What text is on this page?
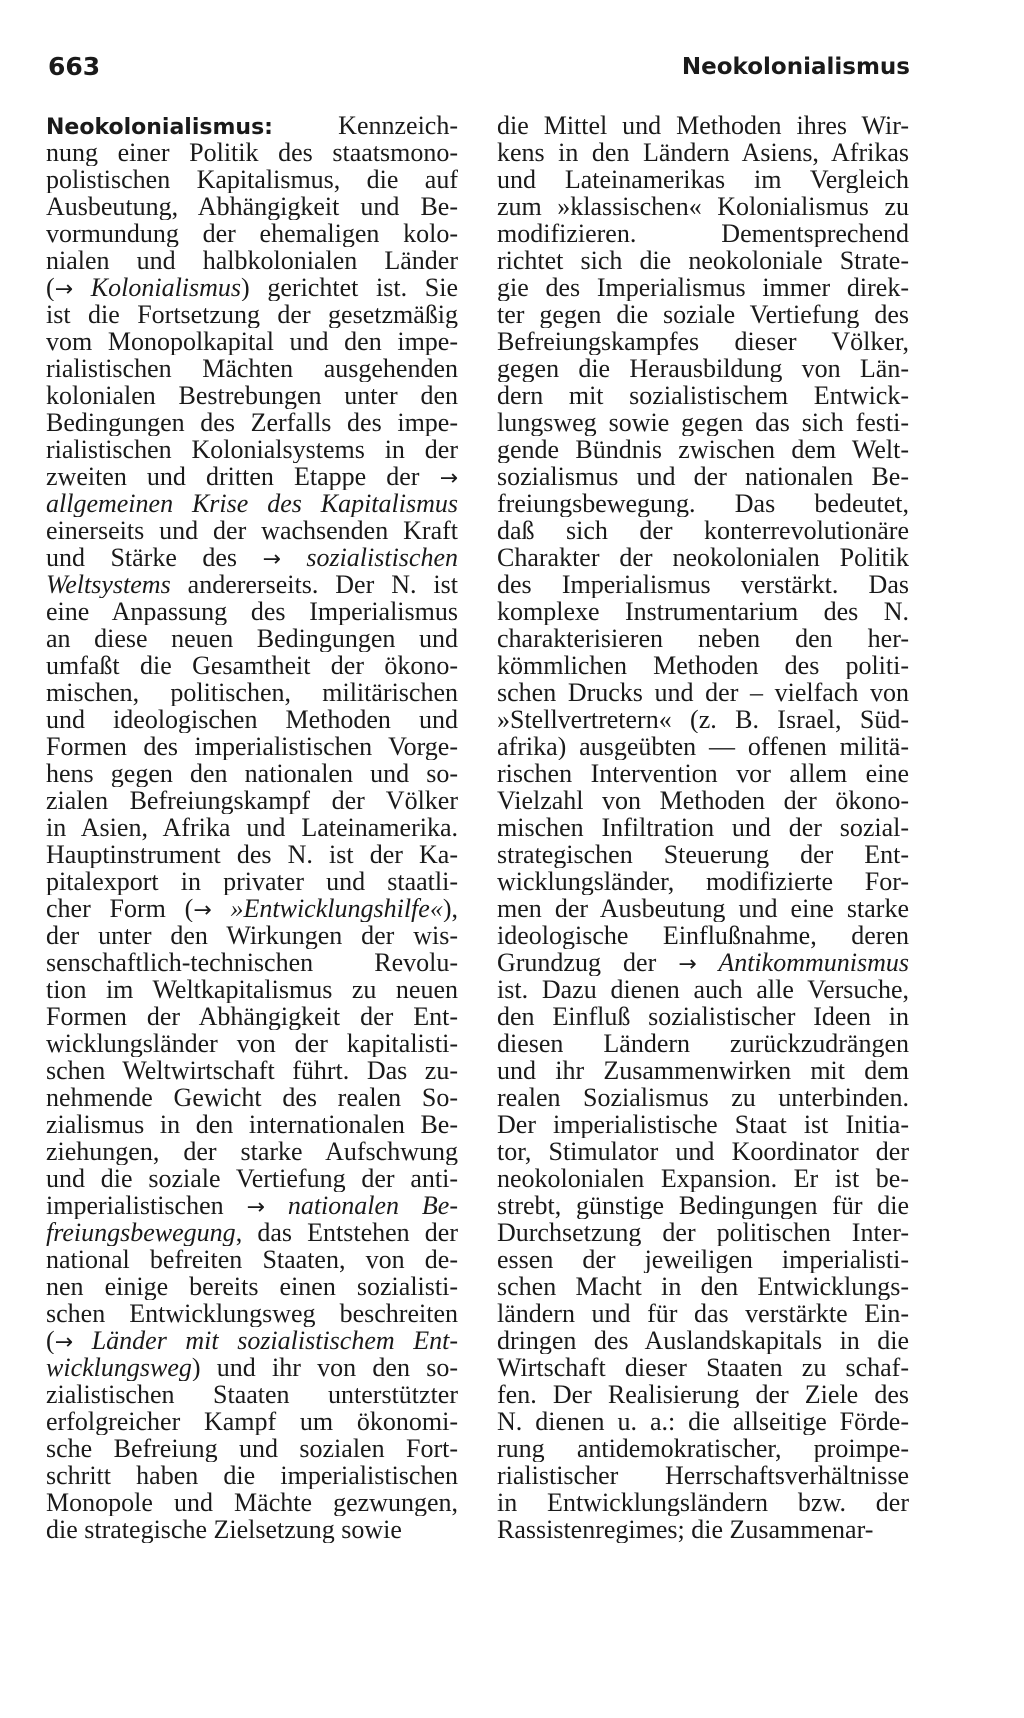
663	Neokolonialismus
Neokolonialismus: Kennzeich-
nung einer Politik des staatsmono-
polistischen Kapitalismus, die auf
Ausbeutung, Abhängigkeit und Be-
vormundung der ehemaligen kolo-
nialen und halbkolonialen Länder
(→ Kolonialismus) gerichtet ist. Sie
ist die Fortsetzung der gesetzmäßig
vom Monopolkapital und den impe-
rialistischen Mächten ausgehenden
kolonialen Bestrebungen unter den
Bedingungen des Zerfalls des impe-
rialistischen Kolonialsystems in der
zweiten und dritten Etappe der →
allgemeinen Krise des Kapitalismus
einerseits und der wachsenden Kraft
und Stärke des → sozialistischen
Weltsystems andererseits. Der N. ist
eine Anpassung des Imperialismus
an diese neuen Bedingungen und
umfaßt die Gesamtheit der ökono-
mischen, politischen, militärischen
und ideologischen Methoden und
Formen des imperialistischen Vorge-
hens gegen den nationalen und so-
zialen Befreiungskampf der Völker
in Asien, Afrika und Lateinamerika.
Hauptinstrument des N. ist der Ka-
pitalexport in privater und staatli-
cher Form (→ »Entwicklungshilfe«),
der unter den Wirkungen der wis-
senschaftlich-technischen Revolu-
tion im Weltkapitalismus zu neuen
Formen der Abhängigkeit der Ent-
wicklungsländer von der kapitalisti-
schen Weltwirtschaft führt. Das zu-
nehmende Gewicht des realen So-
zialismus in den internationalen Be-
ziehungen, der starke Aufschwung
und die soziale Vertiefung der anti-
imperialistischen → nationalen Be-
freiungsbewegung, das Entstehen der
national befreiten Staaten, von de-
nen einige bereits einen sozialisti-
schen Entwicklungsweg beschreiten
(→ Länder mit sozialistischem Ent-
wicklungsweg) und ihr von den so-
zialistischen Staaten unterstützter
erfolgreicher Kampf um ökonomi-
sche Befreiung und sozialen Fort-
schritt haben die imperialistischen
Monopole und Mächte gezwungen,
die strategische Zielsetzung sowie
die Mittel und Methoden ihres Wir-
kens in den Ländern Asiens, Afrikas
und Lateinamerikas im Vergleich
zum »klassischen« Kolonialismus zu
modifizieren. Dementsprechend
richtet sich die neokoloniale Strate-
gie des Imperialismus immer direk-
ter gegen die soziale Vertiefung des
Befreiungskampfes dieser Völker,
gegen die Herausbildung von Län-
dern mit sozialistischem Entwick-
lungsweg sowie gegen das sich festi-
gende Bündnis zwischen dem Welt-
sozialismus und der nationalen Be-
freiungsbewegung. Das bedeutet,
daß sich der konterrevolutionäre
Charakter der neokolonialen Politik
des Imperialismus verstärkt. Das
komplexe Instrumentarium des N.
charakterisieren neben den her-
kömmlichen Methoden des politi-
schen Drucks und der – vielfach von
»Stellvertretern« (z. B. Israel, Süd-
afrika) ausgeübten — offenen militä-
rischen Intervention vor allem eine
Vielzahl von Methoden der ökono-
mischen Infiltration und der sozial-
strategischen Steuerung der Ent-
wicklungsländer, modifizierte For-
men der Ausbeutung und eine starke
ideologische Einflußnahme, deren
Grundzug der → Antikommunismus
ist. Dazu dienen auch alle Versuche,
den Einfluß sozialistischer Ideen in
diesen Ländern zurückzudrängen
und ihr Zusammenwirken mit dem
realen Sozialismus zu unterbinden.
Der imperialistische Staat ist Initia-
tor, Stimulator und Koordinator der
neokolonialen Expansion. Er ist be-
strebt, günstige Bedingungen für die
Durchsetzung der politischen Inter-
essen der jeweiligen imperialisti-
schen Macht in den Entwicklungs-
ländern und für das verstärkte Ein-
dringen des Auslandskapitals in die
Wirtschaft dieser Staaten zu schaf-
fen. Der Realisierung der Ziele des
N. dienen u. a.: die allseitige Förde-
rung antidemokratischer, proimpe-
rialistischer Herrschaftsverhältnisse
in Entwicklungsländern bzw. der
Rassistenregimes; die Zusammenar-
